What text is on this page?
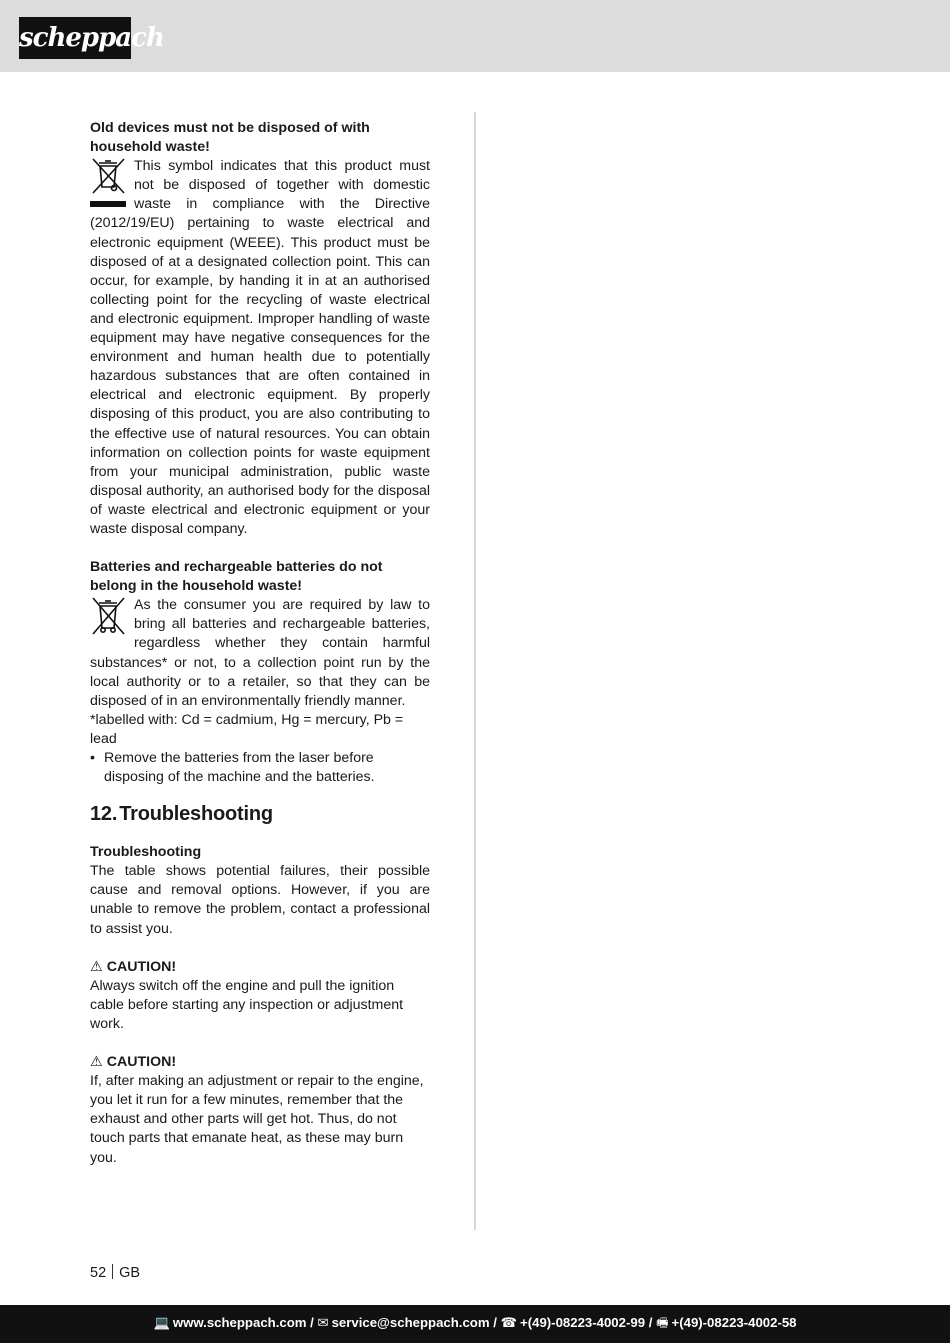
scheppach

Old devices must not be disposed of with household waste!

This symbol indicates that this product must not be disposed of together with domestic waste in compliance with the Directive (2012/19/EU) pertaining to waste electrical and electronic equipment (WEEE). This product must be disposed of at a designated collection point. This can occur, for example, by handing it in at an authorised collecting point for the recycling of waste electrical and electronic equipment. Improper handling of waste equipment may have negative consequences for the environment and human health due to potentially hazardous substances that are often contained in electrical and electronic equipment. By properly disposing of this product, you are also contributing to the effective use of natural resources. You can obtain information on collection points for waste equipment from your municipal administration, public waste disposal authority, an authorised body for the disposal of waste electrical and electronic equipment or your waste disposal company.

Batteries and rechargeable batteries do not belong in the household waste!

As the consumer you are required by law to bring all batteries and rechargeable batteries, regardless whether they contain harmful substances* or not, to a collection point run by the local authority or to a retailer, so that they can be disposed of in an environmentally friendly manner.

*labelled with: Cd = cadmium, Hg = mercury, Pb = lead

• Remove the batteries from the laser before disposing of the machine and the batteries.
12. Troubleshooting

Troubleshooting

The table shows potential failures, their possible cause and removal options. However, if you are unable to remove the problem, contact a professional to assist you.

⚠ CAUTION!

Always switch off the engine and pull the ignition cable before starting any inspection or adjustment work.

⚠ CAUTION!

If, after making an adjustment or repair to the engine, you let it run for a few minutes, remember that the exhaust and other parts will get hot. Thus, do not touch parts that emanate heat, as these may burn you.

52 GB
💻 www.scheppach.com / ✉ service@scheppach.com / ☎ +(49)-08223-4002-99 / 🖷 +(49)-08223-4002-58
